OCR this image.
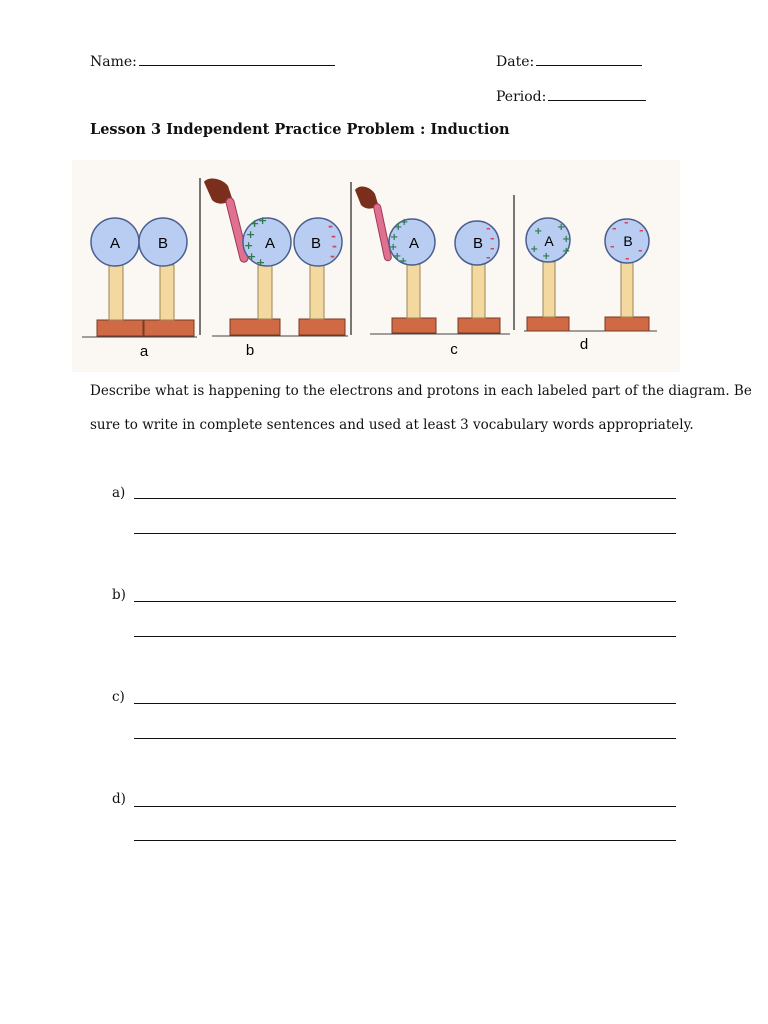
Name:	Date:
Period:
Lesson 3 Independent Practice Problem : Induction
A	B
a
A B
+
+
+
+ +
+	-
-
-
-
b
A	B
+
+
+
+
+
+
-
-
-
-
c
A	B
+ +
+
+
+
+
- -
-
- -
-
d
Describe what is happening to the electrons and protons in each labeled part of the diagram. Be
sure to write in complete sentences and used at least 3 vocabulary words appropriately.
a)
b)
c)
d)
